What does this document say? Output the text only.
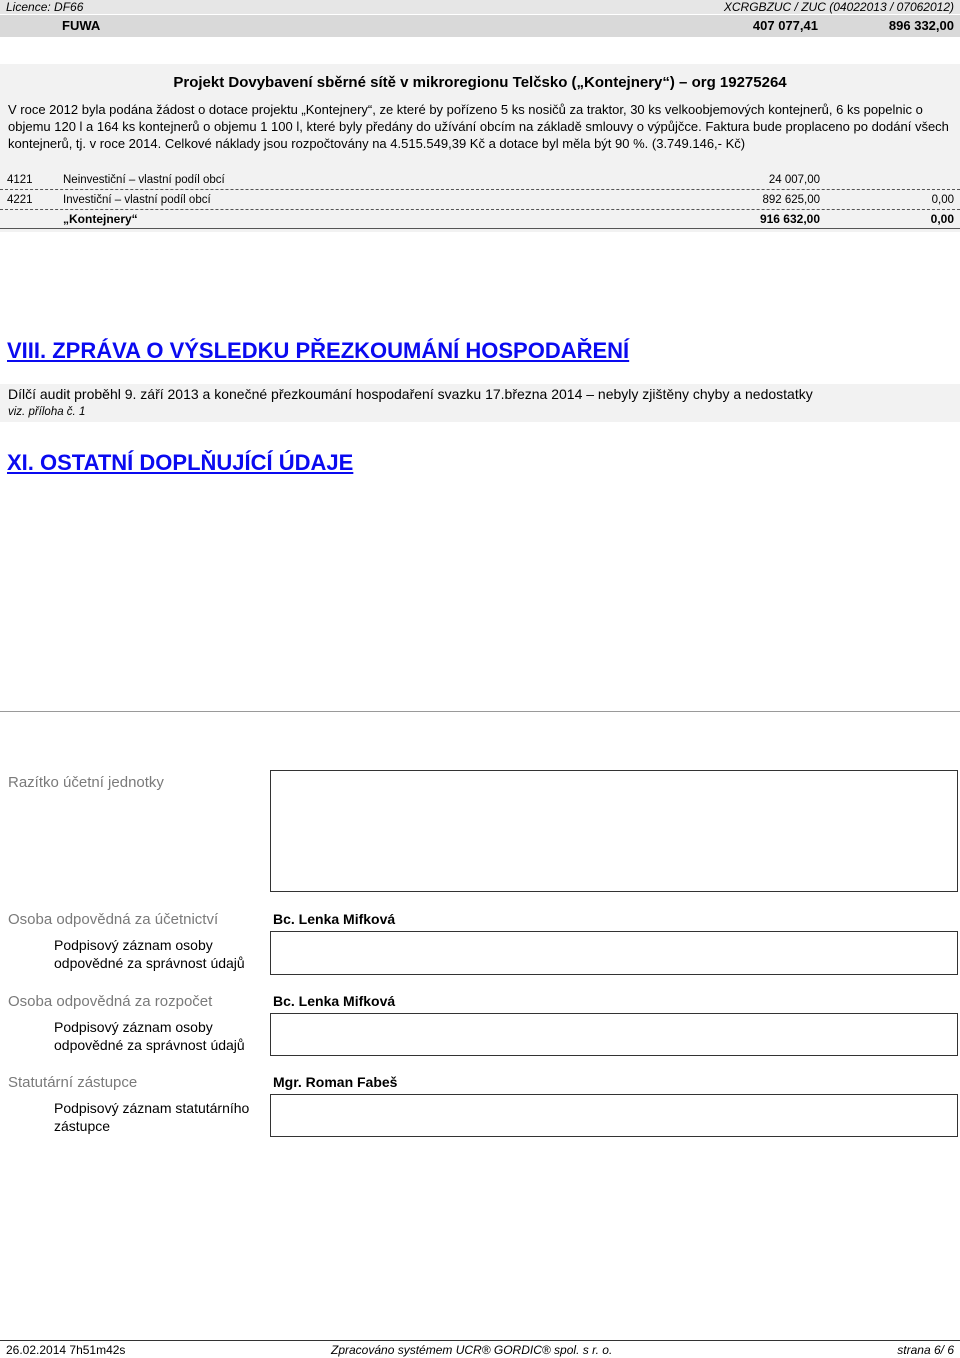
Licence: DF66	XCRGBZUC / ZUC (04022013 / 07062012)
FUWA	407 077,41	896 332,00
Projekt Dovybavení sběrné sítě v mikroregionu Telčsko („Kontejnery“) – org 19275264
V roce 2012 byla podána žádost o dotace projektu „Kontejnery“, ze které by pořízeno 5 ks nosičů za traktor, 30 ks velkoobjemových kontejnerů, 6 ks popelnic o objemu 120 l a 164 ks kontejnerů o objemu 1 100 l, které byly předány do užívání obcím na základě smlouvy o výpůjčce. Faktura bude proplaceno po dodání všech kontejnerů, tj. v roce 2014. Celkové náklady jsou rozpočtovány na 4.515.549,39 Kč a dotace byl měla být 90 %. (3.749.146,- Kč)
4121	Neinvestiční – vlastní podíl obcí	24 007,00
4221	Investiční – vlastní podíl obcí	892 625,00	0,00
„Kontejnery“	916 632,00	0,00
VIII. ZPRÁVA O VÝSLEDKU PŘEZKOUMÁNÍ HOSPODAŘENÍ
Dílčí audit proběhl 9. září 2013 a konečné přezkoumání hospodaření svazku 17.března 2014 – nebyly zjištěny chyby a nedostatky
viz. příloha č. 1
XI. OSTATNÍ DOPLŇUJÍCÍ ÚDAJE
Razítko účetní jednotky
Osoba odpovědná za účetnictví	Bc. Lenka Mifková
Podpisový záznam osoby
odpovědné za správnost údajů
Osoba odpovědná za rozpočet	Bc. Lenka Mifková
Podpisový záznam osoby
odpovědné za správnost údajů
Statutární zástupce	Mgr. Roman Fabeš
Podpisový záznam statutárního
zástupce
26.02.2014 7h51m42s	Zpracováno systémem UCR® GORDIC® spol. s r. o.	strana 6/ 6
